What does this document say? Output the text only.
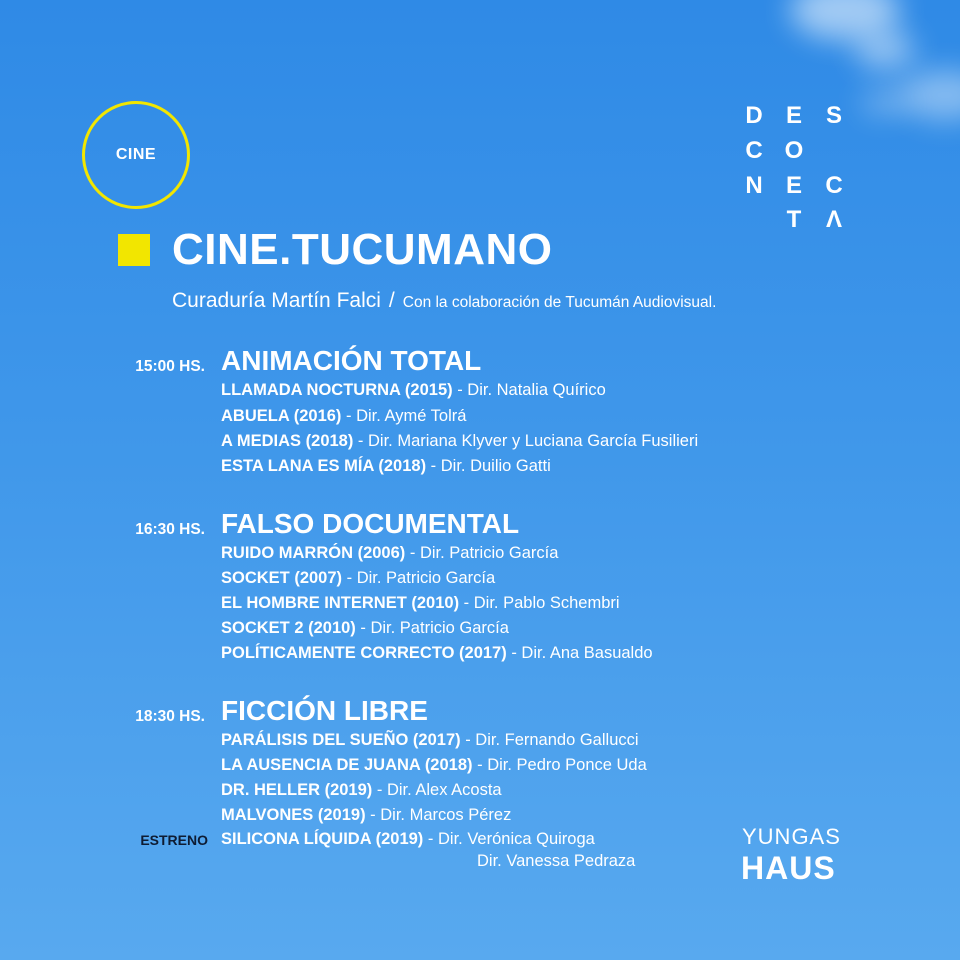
CINE
D E S
C O
N E C
T Λ
CINE.TUCUMANO
Curaduría Martín Falci / Con la colaboración de Tucumán Audiovisual.
15:00 HS. ANIMACIÓN TOTAL
LLAMADA NOCTURNA (2015) - Dir. Natalia Quírico
ABUELA (2016) - Dir. Aymé Tolrá
A MEDIAS (2018) - Dir. Mariana Klyver y Luciana García Fusilieri
ESTA LANA ES MÍA (2018) - Dir. Duilio Gatti
16:30 HS. FALSO DOCUMENTAL
RUIDO MARRÓN (2006) - Dir. Patricio García
SOCKET (2007) - Dir. Patricio García
EL HOMBRE INTERNET (2010) - Dir. Pablo Schembri
SOCKET 2 (2010) - Dir. Patricio García
POLÍTICAMENTE CORRECTO (2017) - Dir. Ana Basualdo
18:30 HS. FICCIÓN LIBRE
PARÁLISIS DEL SUEÑO (2017) - Dir. Fernando Gallucci
LA AUSENCIA DE JUANA (2018) - Dir. Pedro Ponce Uda
DR. HELLER (2019) - Dir. Alex Acosta
MALVONES (2019) - Dir. Marcos Pérez
ESTRENO SILICONA LÍQUIDA (2019) - Dir. Verónica Quiroga
Dir. Vanessa Pedraza
YUNGAS
HAUS
